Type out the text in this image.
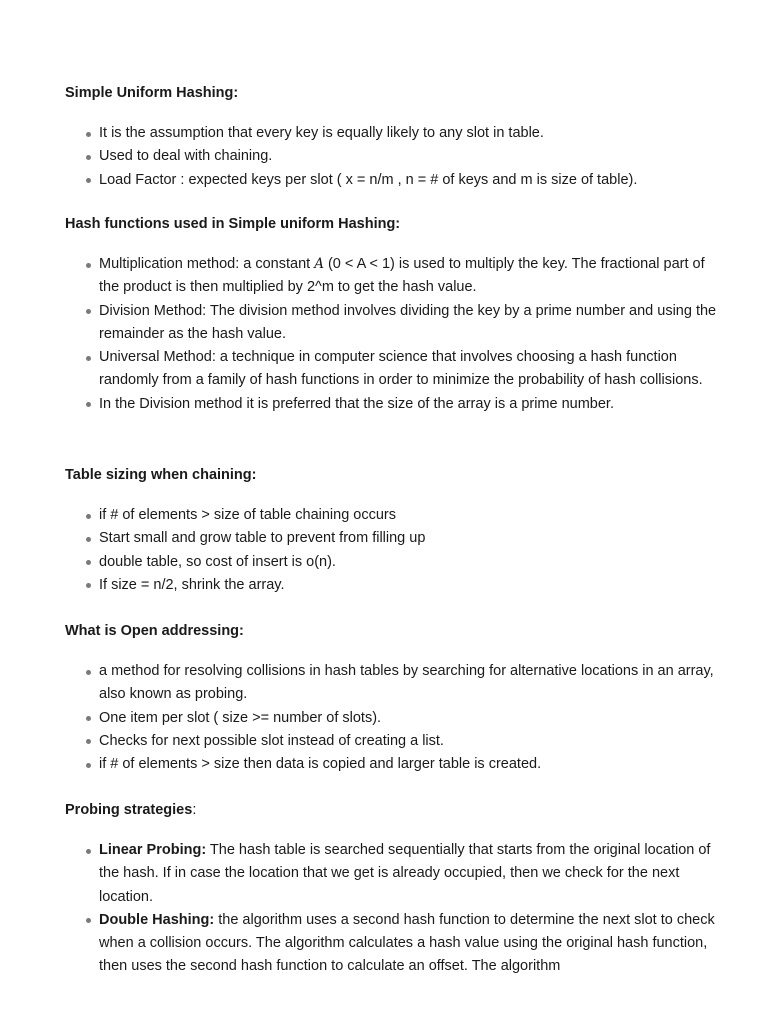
Simple Uniform Hashing:
It is the assumption that every key is equally likely to any slot in table.
Used to deal with chaining.
Load Factor : expected keys per slot ( x = n/m , n = # of keys and m is size of table).
Hash functions used in Simple uniform Hashing:
Multiplication method: a constant A (0 < A < 1) is used to multiply the key. The fractional part of the product is then multiplied by 2^m to get the hash value.
Division Method: The division method involves dividing the key by a prime number and using the remainder as the hash value.
Universal Method: a technique in computer science that involves choosing a hash function randomly from a family of hash functions in order to minimize the probability of hash collisions.
In the Division method it is preferred that the size of the array is a prime number.
Table sizing when chaining:
if # of elements > size of table chaining occurs
Start small and grow table to prevent from filling up
double table, so cost of insert is o(n).
If size = n/2, shrink the array.
What is Open addressing:
a method for resolving collisions in hash tables by searching for alternative locations in an array, also known as probing.
One item per slot ( size >= number of slots).
Checks for next possible slot instead of creating a list.
if # of elements > size then data is copied and larger table is created.
Probing strategies:
Linear Probing: The hash table is searched sequentially that starts from the original location of the hash. If in case the location that we get is already occupied, then we check for the next location.
Double Hashing: the algorithm uses a second hash function to determine the next slot to check when a collision occurs. The algorithm calculates a hash value using the original hash function, then uses the second hash function to calculate an offset. The algorithm
